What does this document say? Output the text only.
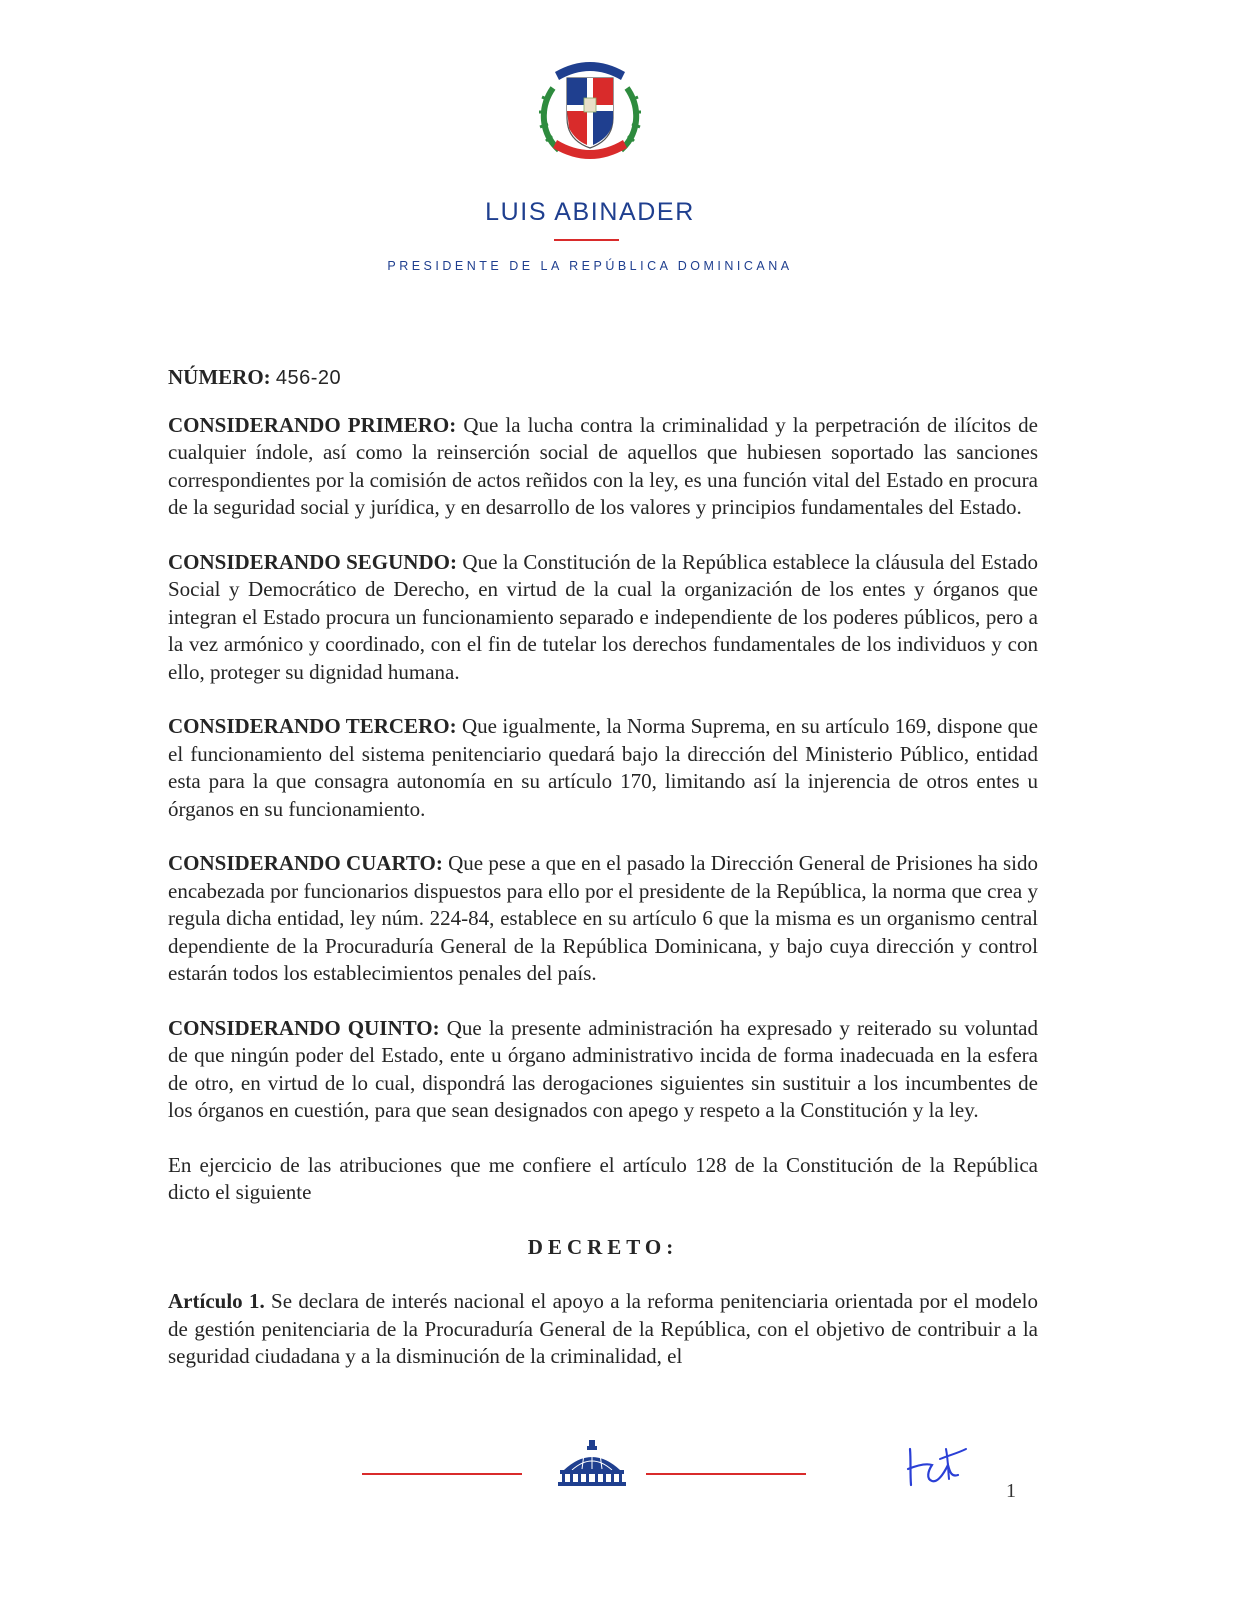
LUIS ABINADER
PRESIDENTE DE LA REPÚBLICA DOMINICANA

NÚMERO: 456-20

CONSIDERANDO PRIMERO: Que la lucha contra la criminalidad y la perpetración de ilícitos de cualquier índole, así como la reinserción social de aquellos que hubiesen soportado las sanciones correspondientes por la comisión de actos reñidos con la ley, es una función vital del Estado en procura de la seguridad social y jurídica, y en desarrollo de los valores y principios fundamentales del Estado.

CONSIDERANDO SEGUNDO: Que la Constitución de la República establece la cláusula del Estado Social y Democrático de Derecho, en virtud de la cual la organización de los entes y órganos que integran el Estado procura un funcionamiento separado e independiente de los poderes públicos, pero a la vez armónico y coordinado, con el fin de tutelar los derechos fundamentales de los individuos y con ello, proteger su dignidad humana.

CONSIDERANDO TERCERO: Que igualmente, la Norma Suprema, en su artículo 169, dispone que el funcionamiento del sistema penitenciario quedará bajo la dirección del Ministerio Público, entidad esta para la que consagra autonomía en su artículo 170, limitando así la injerencia de otros entes u órganos en su funcionamiento.

CONSIDERANDO CUARTO: Que pese a que en el pasado la Dirección General de Prisiones ha sido encabezada por funcionarios dispuestos para ello por el presidente de la República, la norma que crea y regula dicha entidad, ley núm. 224-84, establece en su artículo 6 que la misma es un organismo central dependiente de la Procuraduría General de la República Dominicana, y bajo cuya dirección y control estarán todos los establecimientos penales del país.

CONSIDERANDO QUINTO: Que la presente administración ha expresado y reiterado su voluntad de que ningún poder del Estado, ente u órgano administrativo incida de forma inadecuada en la esfera de otro, en virtud de lo cual, dispondrá las derogaciones siguientes sin sustituir a los incumbentes de los órganos en cuestión, para que sean designados con apego y respeto a la Constitución y la ley.

En ejercicio de las atribuciones que me confiere el artículo 128 de la Constitución de la República dicto el siguiente

DECRETO:

Artículo 1. Se declara de interés nacional el apoyo a la reforma penitenciaria orientada por el modelo de gestión penitenciaria de la Procuraduría General de la República, con el objetivo de contribuir a la seguridad ciudadana y a la disminución de la criminalidad, el

1
